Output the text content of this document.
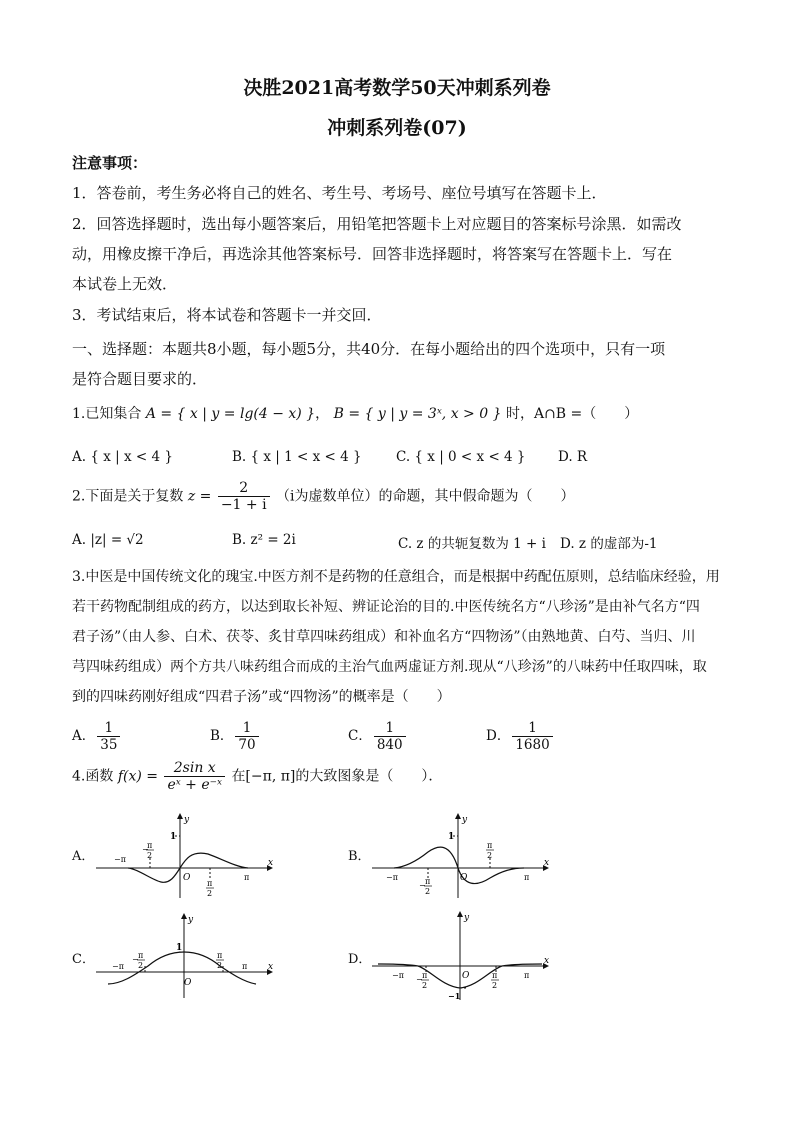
决胜2021高考数学50天冲刺系列卷
冲刺系列卷(07)
注意事项：
1．答卷前，考生务必将自己的姓名、考生号、考场号、座位号填写在答题卡上．
2．回答选择题时，选出每小题答案后，用铅笔把答题卡上对应题目的答案标号涂黑．如需改
动，用橡皮擦干净后，再选涂其他答案标号．回答非选择题时，将答案写在答题卡上．写在
本试卷上无效．
3．考试结束后，将本试卷和答题卡一并交回．
一、选择题：本题共8小题，每小题5分，共40分．在每小题给出的四个选项中，只有一项
是符合题目要求的．
1.已知集合 A = { x | y = lg(4 − x) }， B = { y | y = 3ˣ, x > 0 } 时，A∩B =（　　）
A. { x | x < 4 }	B. { x | 1 < x < 4 }	C. { x | 0 < x < 4 } D. R
2.下面是关于复数 $z = \frac{2}{-1 + i} (i$为虚数单位）的命题，其中假命题为（　　）
A. |z| = √2	B. z² = 2i	C. z 的共轭复数为 1 + i D. z 的虚部为-1
3.中医是中国传统文化的瑰宝.中医方剂不是药物的任意组合，而是根据中药配伍原则，总结临床经验，用
若干药物配制组成的药方，以达到取长补短、辨证论治的目的.中医传统名方“八珍汤”是由补气名方“四
君子汤”（由人参、白术、茯苓、炙甘草四味药组成）和补血名方“四物汤”（由熟地黄、白芍、当归、川
芎四味药组成）两个方共八味药组合而成的主治气血两虚证方剂.现从“八珍汤”的八味药中任取四味，取
到的四味药刚好组成“四君子汤”或“四物汤”的概率是（　　）
A． $\frac{1}{35}$	B． $\frac{1}{70}$	C． $\frac{1}{840}$	D． $\frac{1}{1680}$
4.函数 $f(x) = \frac{\text{2sin x}}{\text{eˣ + e⁻ˣ}}$ 在[−π, π]的大致图象是（　　）．
A．	B．
C．	D．
y
x
O
1
−π
π
−
π
2
π
2
y
x
O
1
−π	π
− π
2
π
2
y
x
O
1
−π	π
− π
2
π
2
y
x
O
−1
−π	π
− π
2
π
2
